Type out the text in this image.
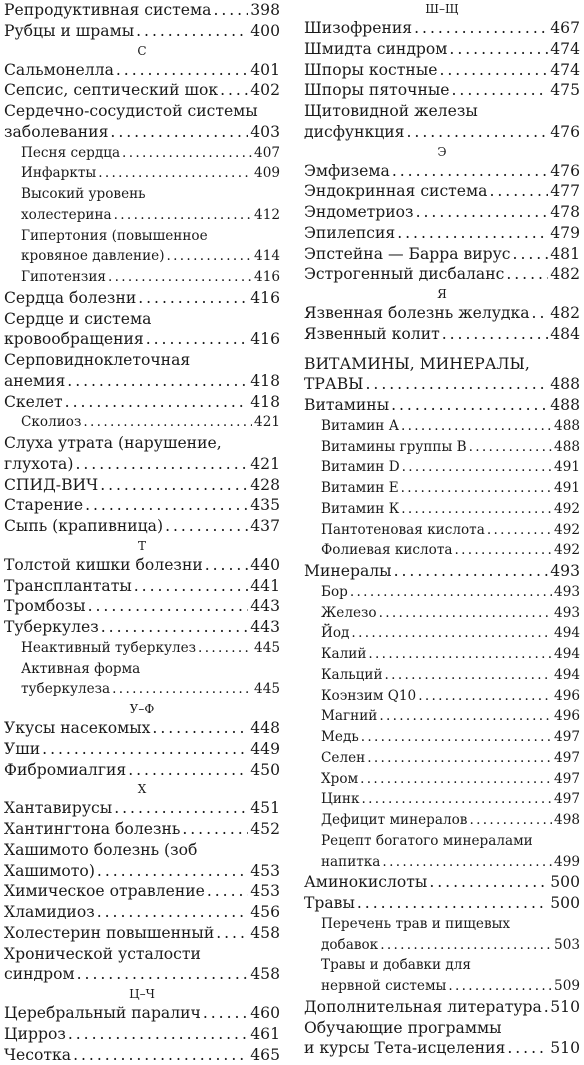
Репродуктивная система . . . 398
Рубцы и шрамы . . .	400
С
Сальмонелла . . .	401
Сепсис, септический шок . . . 402
Сердечно-сосудистой системы
заболевания . . .	403
Песня сердца . . .	407
Инфаркты . . .	409
Высокий уровень
холестерина . . .	412
Гипертония (повышенное
кровяное давление) . . .	414
Гипотензия . . .	416
Сердца болезни . . .	416
Сердце и система
кровообращения . . .	416
Серповидноклеточная
анемия . . .	418
Скелет . . .	418
Сколиоз . . .	421
Слуха утрата (нарушение,
глухота) . . .	421
СПИД-ВИЧ . . .	428
Старение . . .	435
Сыпь (крапивница) . . .	437
Т
Толстой кишки болезни . . .	440
Трансплантаты . . .	441
Тромбозы . . .	443
Туберкулез . . .	443
Неактивный туберкулез . . .	445
Активная форма
туберкулеза . . .	445
У–Ф
Укусы насекомых . . .	448
Уши . . .	449
Фибромиалгия . . .	450
Х
Хантавирусы . . .	451
Хантингтона болезнь . . .	452
Хашимото болезнь (зоб
Хашимото) . . .	453
Химическое отравление . . .	453
Хламидиоз . . .	456
Холестерин повышенный . . . 458
Хронической усталости
синдром . . .	458
Ц–Ч
Церебральный паралич . . .	460
Цирроз . . .	461
Чесотка . . .	465
Ш–Щ
Шизофрения . . .	467
Шмидта синдром . . .	474
Шпоры костные . . .	474
Шпоры пяточные . . .	475
Щитовидной железы
дисфункция . . .	476
Э
Эмфизема . . .	476
Эндокринная система . . .	477
Эндометриоз . . .	478
Эпилепсия . . .	479
Эпстейна — Барра вирус . . .	481
Эстрогенный дисбаланс . . .	482
Я
Язвенная болезнь желудка . . . 482
Язвенный колит . . .	484
ВИТАМИНЫ, МИНЕРАЛЫ,
ТРАВЫ . . .	488
Витамины . . .	488
Витамин А . . .	488
Витамины группы В . . .	488
Витамин D . . .	491
Витамин Е . . .	491
Витамин К . . .	492
Пантотеновая кислота . . .	492
Фолиевая кислота . . .	492
Минералы . . .	493
Бор . . .	493
Железо . . .	493
Йод . . .	494
Калий . . .	494
Кальций . . .	494
Коэнзим Q10 . . .	496
Магний . . .	496
Медь . . .	497
Селен . . .	497
Хром . . .	497
Цинк . . .	497
Дефицит минералов . . .	498
Рецепт богатого минералами
напитка . . .	499
Аминокислоты . . .	500
Травы . . .	500
Перечень трав и пищевых
добавок . . .	503
Травы и добавки для
нервной системы . . .	509
Дополнительная литература . . . 510
Обучающие программы
и курсы Тета-исцеления . . .	510
